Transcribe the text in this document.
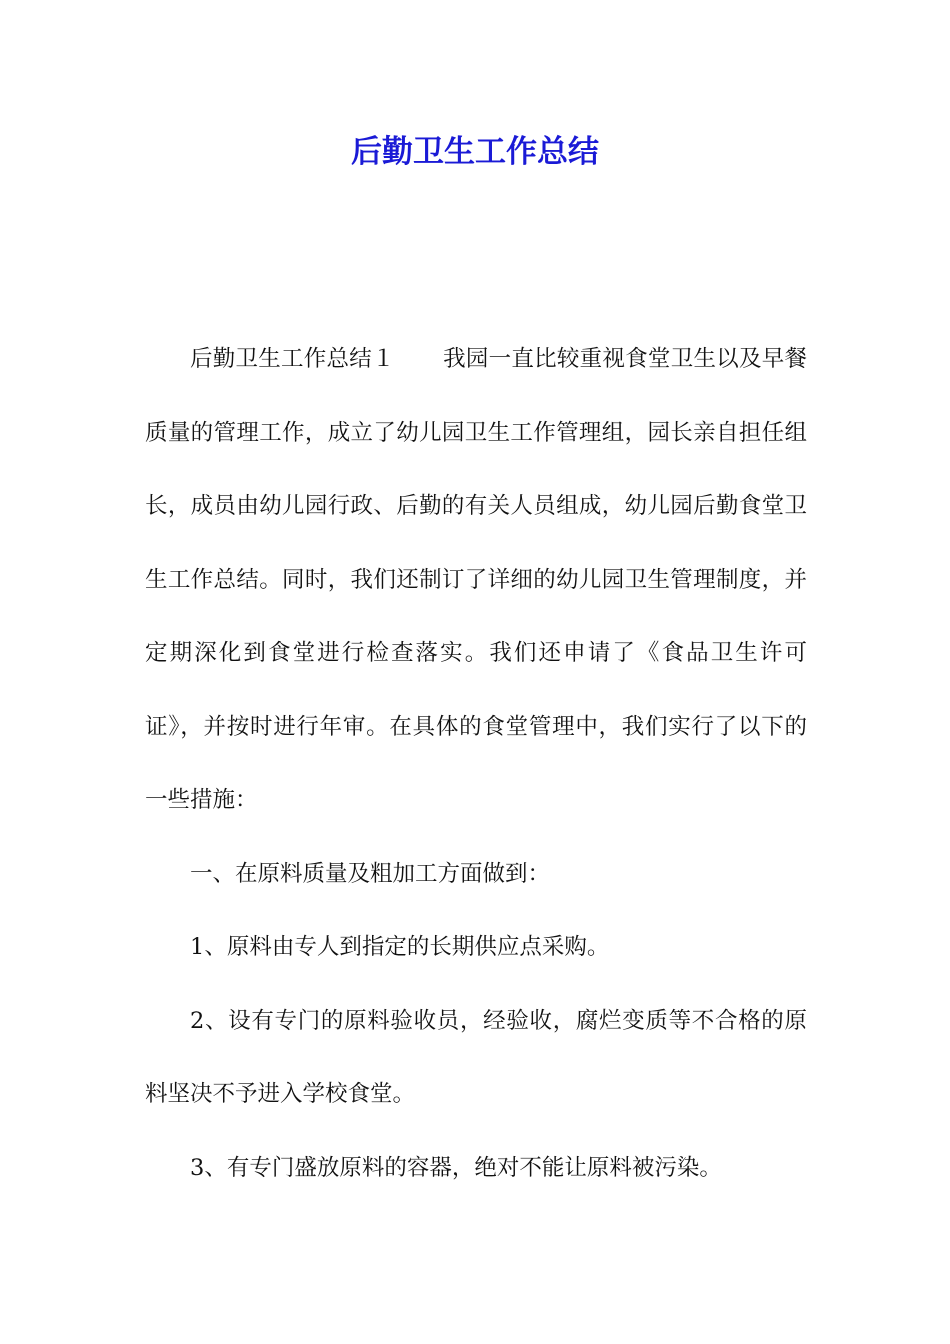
后勤卫生工作总结

后勤卫生工作总结１ 我园一直比较重视食堂卫生以及早餐质量的管理工作，成立了幼儿园卫生工作管理组，园长亲自担任组长，成员由幼儿园行政、后勤的有关人员组成，幼儿园后勤食堂卫生工作总结。同时，我们还制订了详细的幼儿园卫生管理制度，并定期深化到食堂进行检查落实。我们还申请了《食品卫生许可证》，并按时进行年审。在具体的食堂管理中，我们实行了以下的一些措施：

一、在原料质量及粗加工方面做到：

1、原料由专人到指定的长期供应点采购。

2、设有专门的原料验收员，经验收，腐烂变质等不合格的原料坚决不予进入学校食堂。

3、有专门盛放原料的容器，绝对不能让原料被污染。
